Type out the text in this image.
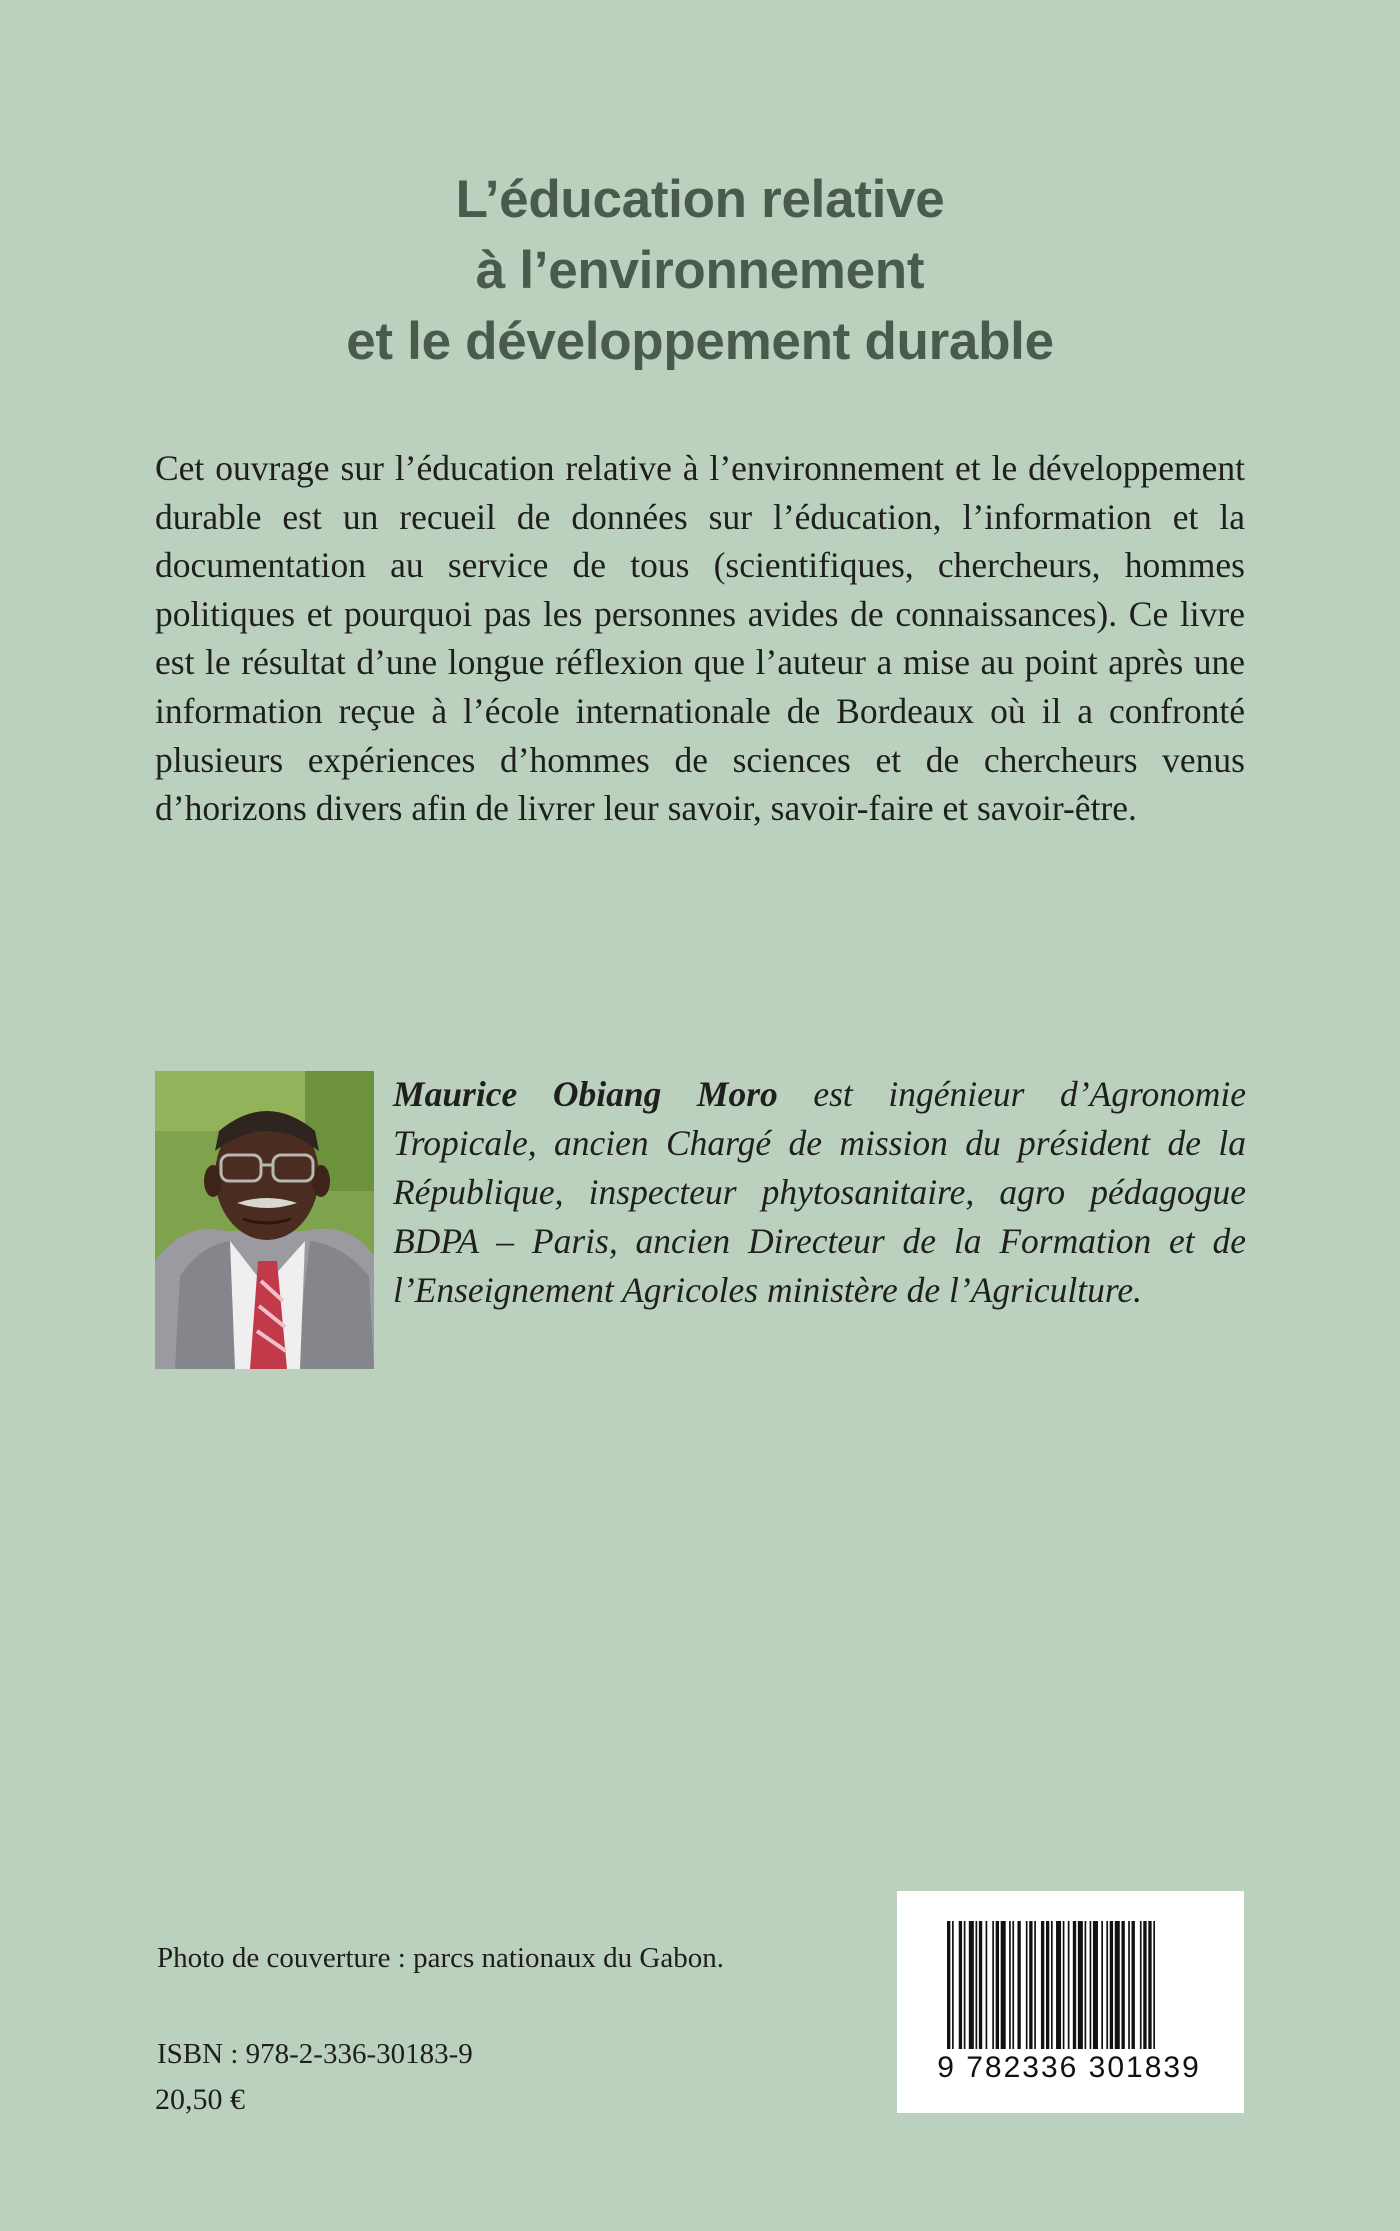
L’éducation relative
à l’environnement
et le développement durable

Cet ouvrage sur l’éducation relative à l’environnement et le développement durable est un recueil de données sur l’éducation, l’information et la documentation au service de tous (scientifiques, chercheurs, hommes politiques et pourquoi pas les personnes avides de connaissances). Ce livre est le résultat d’une longue réflexion que l’auteur a mise au point après une information reçue à l’école internationale de Bordeaux où il a confronté plusieurs expériences d’hommes de sciences et de chercheurs venus d’horizons divers afin de livrer leur savoir, savoir-faire et savoir-être.

Maurice Obiang Moro est ingénieur d’Agronomie Tropicale, ancien Chargé de mission du président de la République, inspecteur phytosanitaire, agro pédagogue BDPA – Paris, ancien Directeur de la Formation et de l’Enseignement Agricoles ministère de l’Agriculture.

Photo de couverture : parcs nationaux du Gabon.
ISBN : 978-2-336-30183-9
20,50 €
9 782336 301839
